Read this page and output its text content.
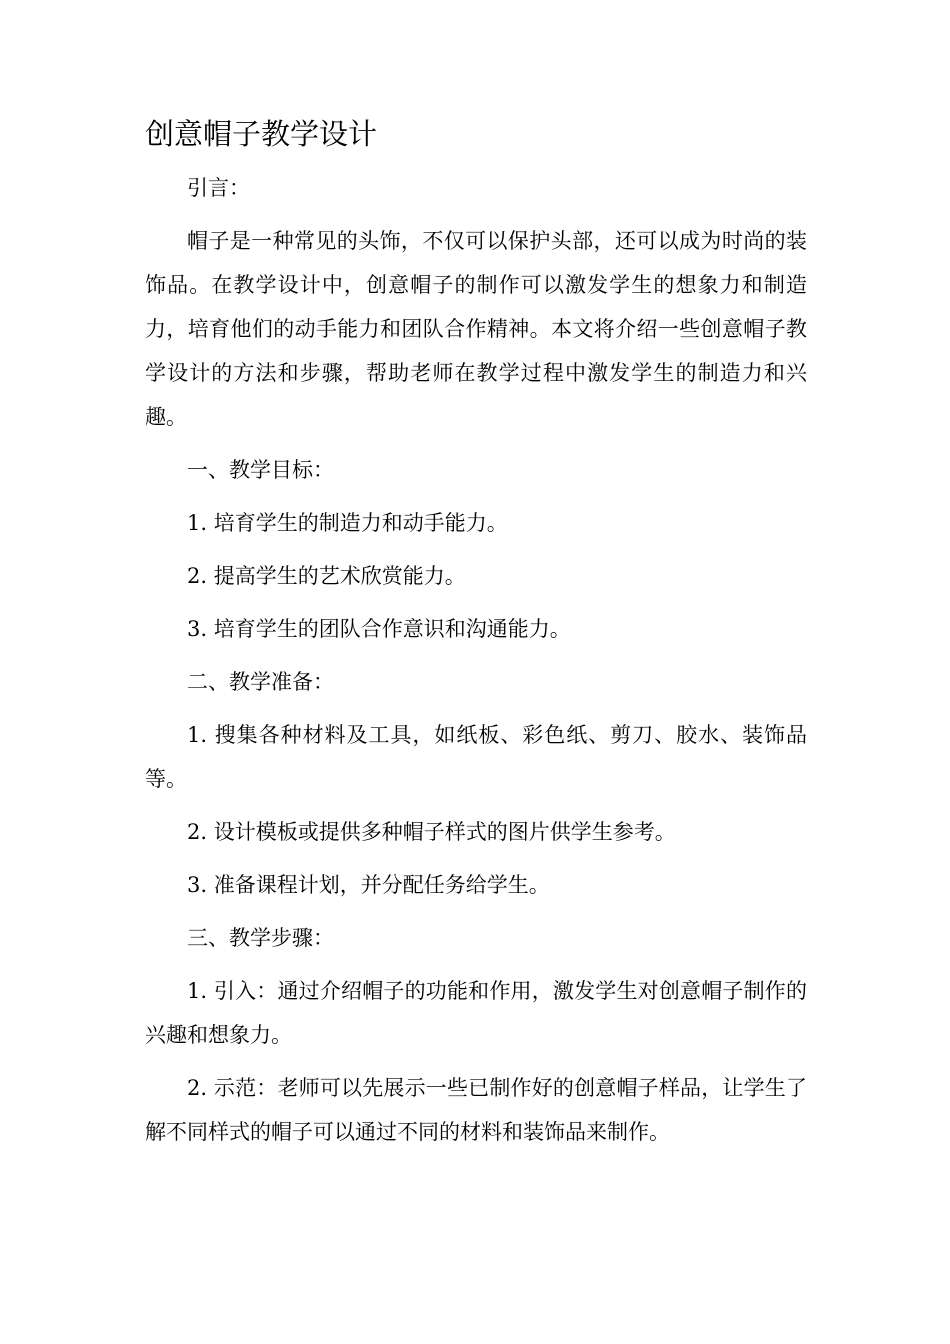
创意帽子教学设计

引言：

帽子是一种常见的头饰，不仅可以保护头部，还可以成为时尚的装饰品。在教学设计中，创意帽子的制作可以激发学生的想象力和制造力，培育他们的动手能力和团队合作精神。本文将介绍一些创意帽子教学设计的方法和步骤，帮助老师在教学过程中激发学生的制造力和兴趣。

一、教学目标：

1. 培育学生的制造力和动手能力。

2. 提高学生的艺术欣赏能力。

3. 培育学生的团队合作意识和沟通能力。

二、教学准备：

1. 搜集各种材料及工具，如纸板、彩色纸、剪刀、胶水、装饰品等。

2. 设计模板或提供多种帽子样式的图片供学生参考。

3. 准备课程计划，并分配任务给学生。

三、教学步骤：

1. 引入：通过介绍帽子的功能和作用，激发学生对创意帽子制作的兴趣和想象力。

2. 示范：老师可以先展示一些已制作好的创意帽子样品，让学生了解不同样式的帽子可以通过不同的材料和装饰品来制作。
